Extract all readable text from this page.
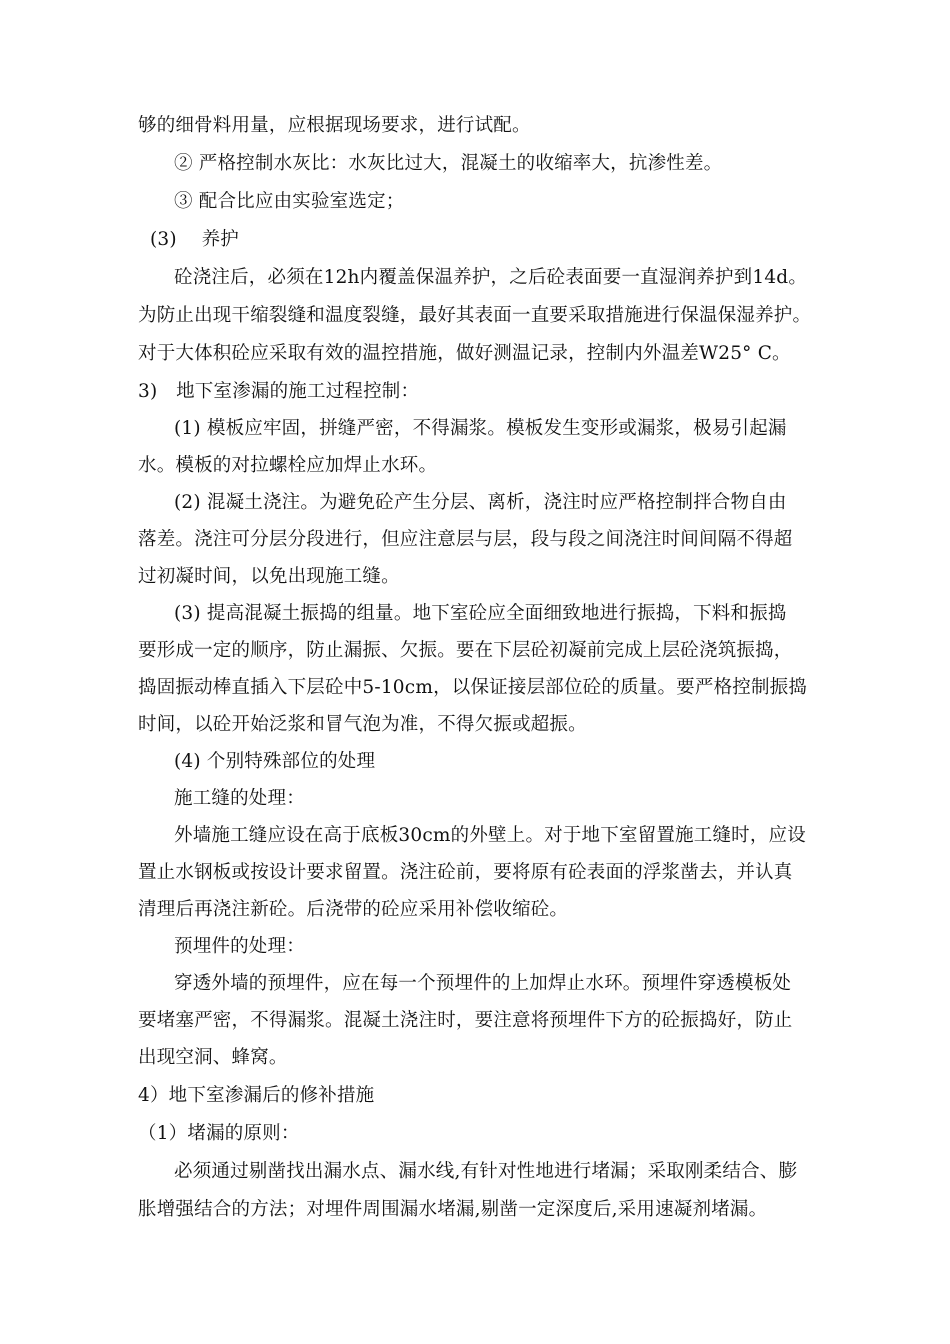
够的细骨料用量，应根据现场要求，进行试配。
② 严格控制水灰比：水灰比过大，混凝土的收缩率大，抗渗性差。
③ 配合比应由实验室选定；
(3)　 养护
砼浇注后，必须在12h内覆盖保温养护，之后砼表面要一直湿润养护到14d。
为防止出现干缩裂缝和温度裂缝，最好其表面一直要采取措施进行保温保湿养护。
对于大体积砼应采取有效的温控措施，做好测温记录，控制内外温差W25° C。
3)　地下室渗漏的施工过程控制：
(1) 模板应牢固，拼缝严密，不得漏浆。模板发生变形或漏浆，极易引起漏
水。模板的对拉螺栓应加焊止水环。
(2) 混凝土浇注。为避免砼产生分层、离析，浇注时应严格控制拌合物自由
落差。浇注可分层分段进行，但应注意层与层，段与段之间浇注时间间隔不得超
过初凝时间，以免出现施工缝。
(3) 提高混凝土振捣的组量。地下室砼应全面细致地进行振捣，下料和振捣
要形成一定的顺序，防止漏振、欠振。要在下层砼初凝前完成上层砼浇筑振捣，
捣固振动棒直插入下层砼中5-10cm，以保证接层部位砼的质量。要严格控制振捣
时间，以砼开始泛浆和冒气泡为准，不得欠振或超振。
(4) 个别特殊部位的处理
施工缝的处理：
外墙施工缝应设在高于底板30cm的外壁上。对于地下室留置施工缝时，应设
置止水钢板或按设计要求留置。浇注砼前，要将原有砼表面的浮浆凿去，并认真
清理后再浇注新砼。后浇带的砼应采用补偿收缩砼。
预埋件的处理：
穿透外墙的预埋件，应在每一个预埋件的上加焊止水环。预埋件穿透模板处
要堵塞严密，不得漏浆。混凝土浇注时，要注意将预埋件下方的砼振捣好，防止
出现空洞、蜂窝。
4）地下室渗漏后的修补措施
（1）堵漏的原则：
必须通过剔凿找出漏水点、漏水线,有针对性地进行堵漏；采取刚柔结合、膨
胀增强结合的方法；对埋件周围漏水堵漏,剔凿一定深度后,采用速凝剂堵漏。
